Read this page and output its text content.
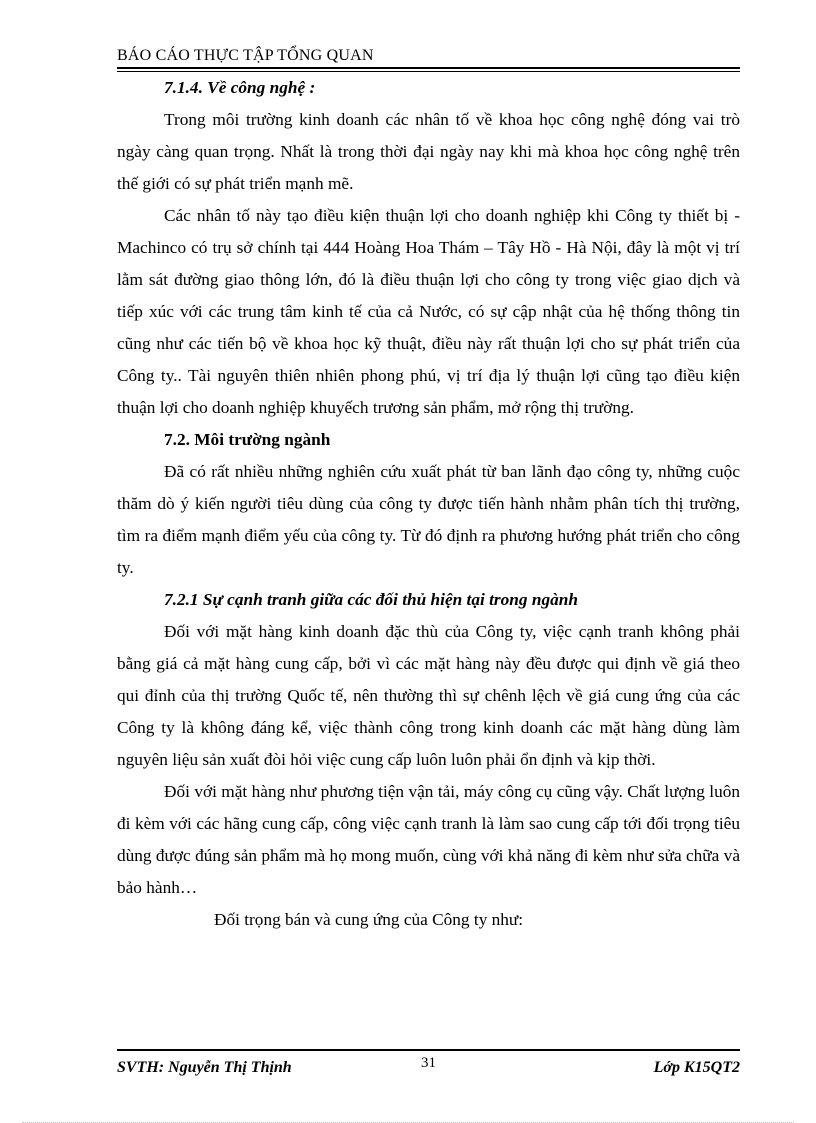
BÁO CÁO THỰC TẬP TỔNG QUAN
7.1.4. Về công nghệ :

Trong môi trường kinh doanh các nhân tố về khoa học công nghệ đóng vai trò ngày càng quan trọng. Nhất là trong thời đại ngày nay khi mà khoa học công nghệ trên thế giới có sự phát triển mạnh mẽ.

Các nhân tố này tạo điều kiện thuận lợi cho doanh nghiệp khi Công ty thiết bị - Machinco có trụ sở chính tại 444 Hoàng Hoa Thám – Tây Hồ - Hà Nội, đây là một vị trí lằm sát đường giao thông lớn, đó là điều thuận lợi cho công ty trong việc giao dịch và tiếp xúc với các trung tâm kinh tế của cả Nước, có sự cập nhật của hệ thống thông tin cũng như các tiến bộ về khoa học kỹ thuật, điều này rất thuận lợi cho sự phát triển của Công ty.. Tài nguyên thiên nhiên phong phú, vị trí địa lý thuận lợi cũng tạo điều kiện thuận lợi cho doanh nghiệp khuyếch trương sản phẩm, mở rộng thị trường.

7.2. Môi trường ngành

Đã có rất nhiều những nghiên cứu xuất phát từ ban lãnh đạo công ty, những cuộc thăm dò ý kiến người tiêu dùng của công ty được tiến hành nhằm phân tích thị trường, tìm ra điểm mạnh điểm yếu của công ty. Từ đó định ra phương hướng phát triển cho công ty.

7.2.1 Sự cạnh tranh giữa các đối thủ hiện tại trong ngành

Đối với mặt hàng kinh doanh đặc thù của Công ty, việc cạnh tranh không phải bằng giá cả mặt hàng cung cấp, bởi vì các mặt hàng này đều được qui định về giá theo qui đỉnh của thị trường Quốc tế, nên thường thì sự chênh lệch về giá cung ứng của các Công ty là không đáng kể, việc thành công trong kinh doanh các mặt hàng dùng làm nguyên liệu sản xuất đòi hỏi việc cung cấp luôn luôn phải ổn định và kịp thời.

Đối với mặt hàng như phương tiện vận tải, máy công cụ cũng vậy. Chất lượng luôn đi kèm với các hãng cung cấp, công việc cạnh tranh là làm sao cung cấp tới đối trọng tiêu dùng được đúng sản phẩm mà họ mong muốn, cùng với khả năng đi kèm như sửa chữa và bảo hành…

Đối trọng bán và cung ứng của Công ty như:
SVTH: Nguyễn Thị Thịnh	31	Lớp K15QT2
